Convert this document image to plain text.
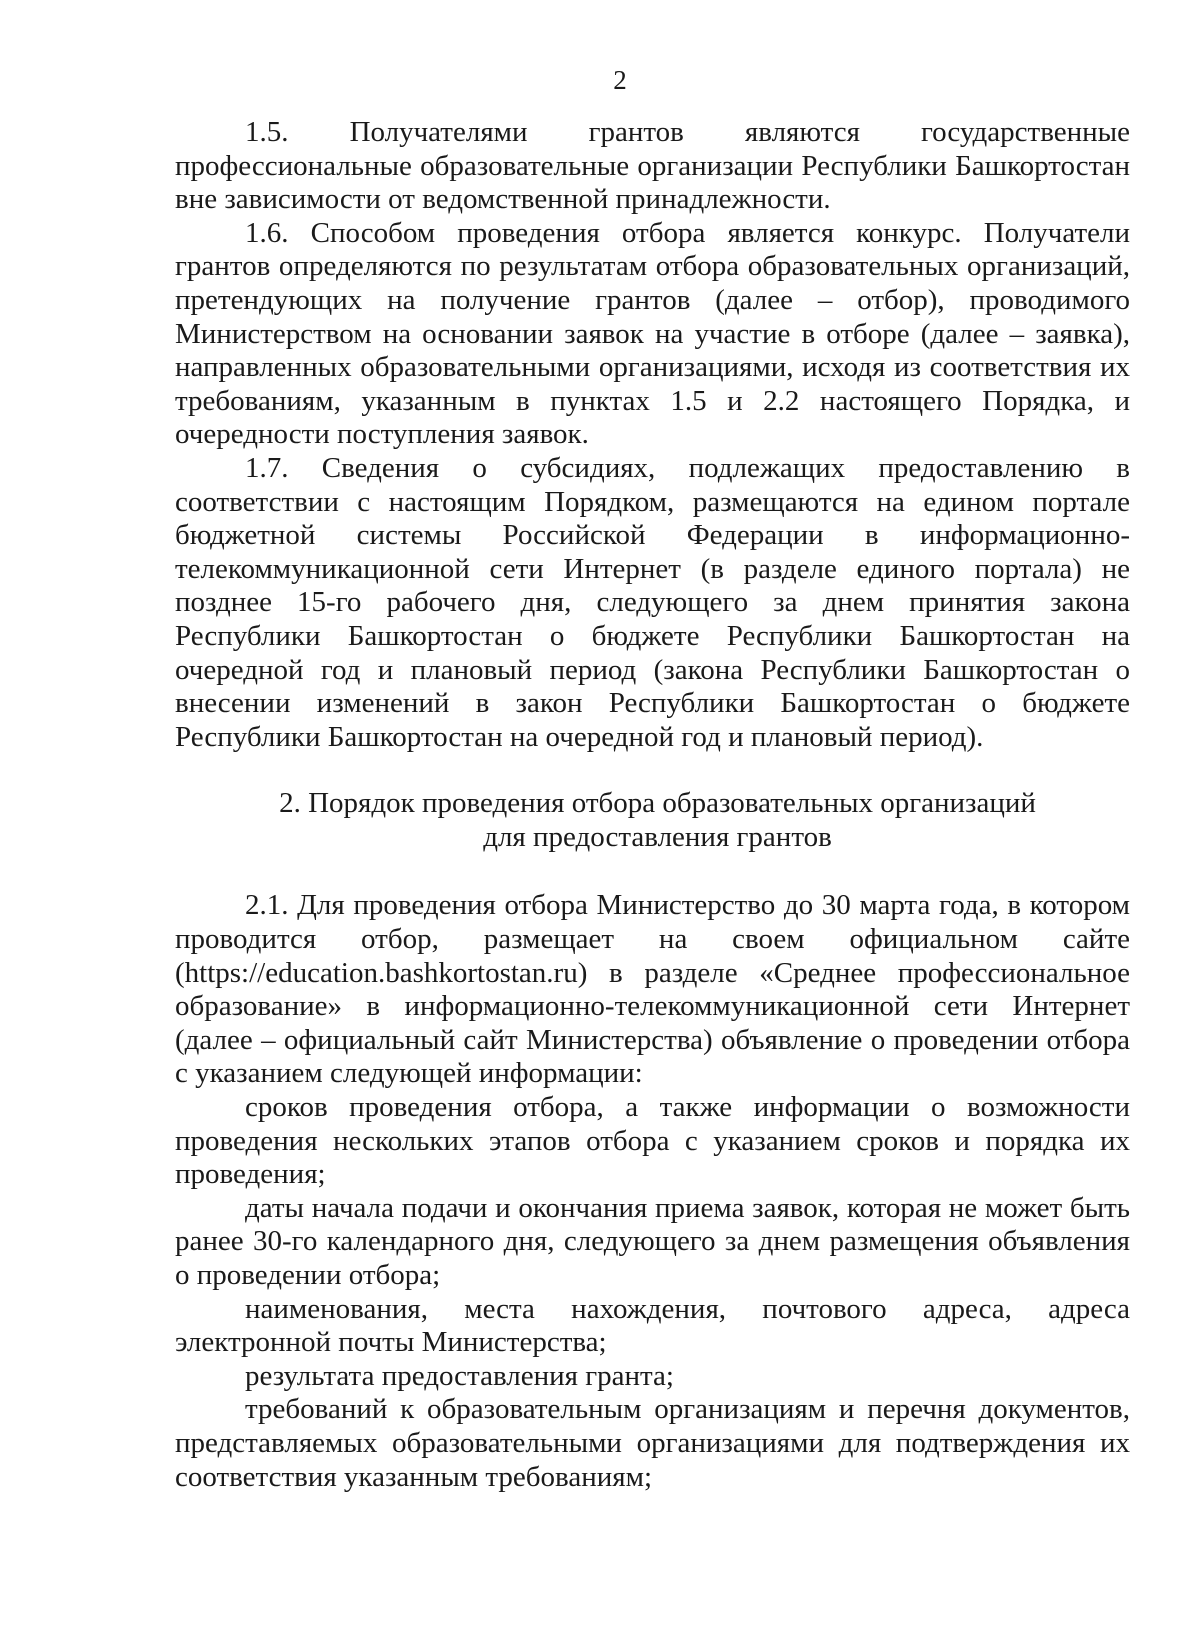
2

1.5. Получателями грантов являются государственные профессиональные образовательные организации Республики Башкортостан вне зависимости от ведомственной принадлежности.

1.6. Способом проведения отбора является конкурс. Получатели грантов определяются по результатам отбора образовательных организаций, претендующих на получение грантов (далее – отбор), проводимого Министерством на основании заявок на участие в отборе (далее – заявка), направленных образовательными организациями, исходя из соответствия их требованиям, указанным в пунктах 1.5 и 2.2 настоящего Порядка, и очередности поступления заявок.

1.7. Сведения о субсидиях, подлежащих предоставлению в соответствии с настоящим Порядком, размещаются на едином портале бюджетной системы Российской Федерации в информационно-телекоммуникационной сети Интернет (в разделе единого портала) не позднее 15-го рабочего дня, следующего за днем принятия закона Республики Башкортостан о бюджете Республики Башкортостан на очередной год и плановый период (закона Республики Башкортостан о внесении изменений в закон Республики Башкортостан о бюджете Республики Башкортостан на очередной год и плановый период).

2. Порядок проведения отбора образовательных организаций

для предоставления грантов

2.1. Для проведения отбора Министерство до 30 марта года, в котором проводится отбор, размещает на своем официальном сайте (https://education.bashkortostan.ru) в разделе «Среднее профессиональное образование» в информационно-телекоммуникационной сети Интернет (далее – официальный сайт Министерства) объявление о проведении отбора с указанием следующей информации:

сроков проведения отбора, а также информации о возможности проведения нескольких этапов отбора с указанием сроков и порядка их проведения;

даты начала подачи и окончания приема заявок, которая не может быть ранее 30-го календарного дня, следующего за днем размещения объявления о проведении отбора;

наименования, места нахождения, почтового адреса, адреса электронной почты Министерства;

результата предоставления гранта;

требований к образовательным организациям и перечня документов, представляемых образовательными организациями для подтверждения их соответствия указанным требованиям;
